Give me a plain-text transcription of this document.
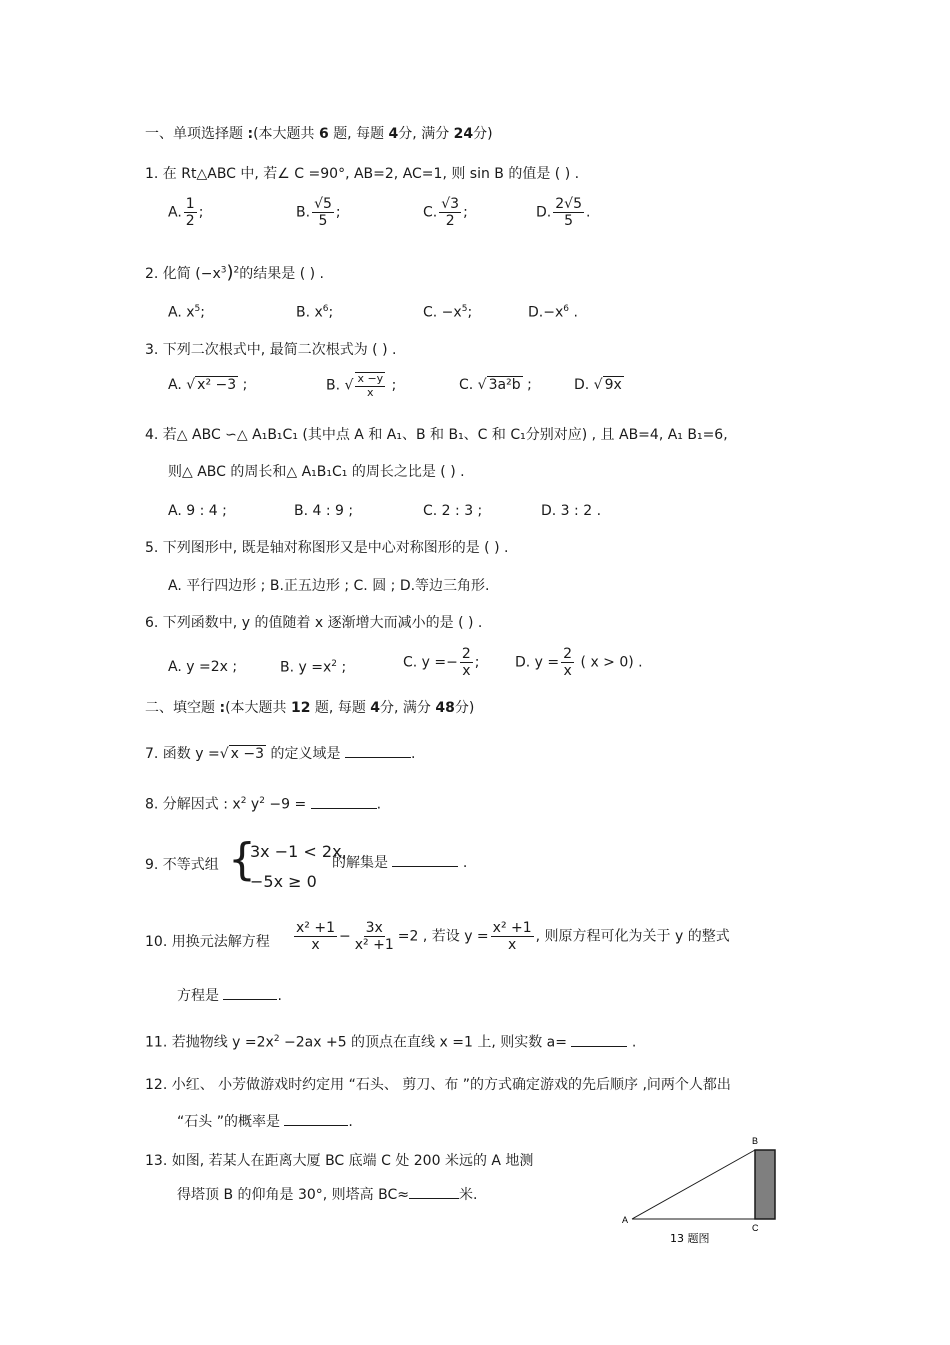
一、单项选择题 :(本大题共 6 题, 每题 4分, 满分 24分)
1. 在 Rt△ABC 中, 若∠ C =90°, AB=2, AC=1, 则 sin B 的值是 ( ) .
A. $\frac{1}{2}$ ;	B. $\frac{√5}{5}$ ;	C. $\frac{√3}{2}$ ;	D. $\frac{2√5}{5}$ .
2. 化简 $(-x^3)^2$的结果是 ( ) .
A. $x^5$;	B. $x^6$;	C. $-x^5$;	$D.-x^6$ .
3. 下列二次根式中, 最简二次根式为 ( ) .
A. √ x² −3 ;	B. √ $\frac{x -y}{x}$ ;	C. √ 3a²b ;	D. √ 9x
4. 若△ ABC ∽△ A₁B₁C₁ (其中点 A 和 A₁、B 和 B₁、C 和 C₁分别对应) , 且 AB=4, A₁ B₁=6,
则△ ABC 的周长和△ A₁B₁C₁ 的周长之比是 ( ) .
A. 9 : 4 ;	B. 4 : 9 ;	C. 2 : 3 ;	D. 3 : 2 .
5. 下列图形中, 既是轴对称图形又是中心对称图形的是 ( ) .
A. 平行四边形 ; B.正五边形 ; C. 圆 ; D.等边三角形.
6. 下列函数中, y 的值随着 x 逐渐增大而减小的是 ( ) .
A. y =2x ;	B. $y =x^2$ ;	C. $y =- \frac{2}{x}$ ;	D. $y = \frac{2}{x}$ ( x > 0) .
二、填空题 :(本大题共 12 题, 每题 4分, 满分 48分)
7. 函数 y =√ x −3 的定义域是	.
8. 分解因式 : $x^2$ $y^2 -9$ =	.
9. 不等式组 {
3x −1 < 2x,
−5x ≥ 0
的解集是	.
10. 用换元法解方程 $\frac{\text{x² +1}}{x} - \frac{3x}{\text{x² +1}} =2$ , 若设 $y = \frac{\text{x² +1}}{x}$ , 则原方程可化为关于 y 的整式
方程是	.
11. 若抛物线 $y =2x^2 -2ax +5$ 的顶点在直线 x =1 上, 则实数 a=	.
12. 小红、 小芳做游戏时约定用 “石头、 剪刀、布 ”的方式确定游戏的先后顺序 ,问两个人都出
“石头 ”的概率是	.
13. 如图, 若某人在距离大厦 BC 底端 C 处 200 米远的 A 地测
得塔顶 B 的仰角是 30°, 则塔高 BC≈	米.
A
B
C
13 题图
